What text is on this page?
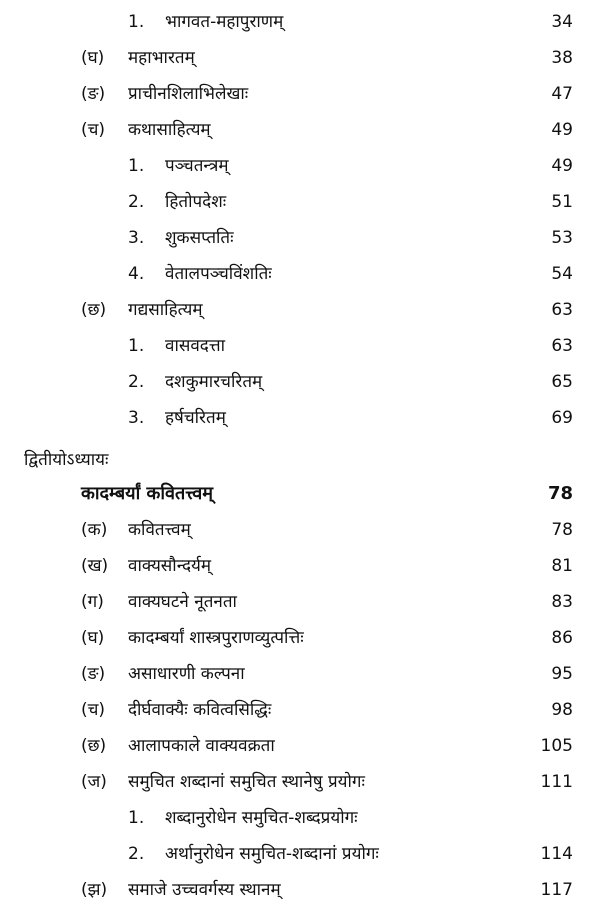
1. भागवत-महापुराणम्	34
(घ) महाभारतम्	38
(ङ) प्राचीनशिलाभिलेखाः	47
(च) कथासाहित्यम्	49
1. पञ्चतन्त्रम्	49
2. हितोपदेशः	51
3. शुकसप्ततिः	53
4. वेतालपञ्चविंशतिः	54
(छ) गद्यसाहित्यम्	63
1. वासवदत्ता	63
2. दशकुमारचरितम्	65
3. हर्षचरितम्	69
द्वितीयोऽध्यायः
कादम्बर्यां कवितत्त्वम्	78
(क) कवितत्त्वम्	78
(ख) वाक्यसौन्दर्यम्	81
(ग) वाक्यघटने नूतनता	83
(घ) कादम्बर्यां शास्त्रपुराणव्युत्पत्तिः	86
(ङ) असाधारणी कल्पना	95
(च) दीर्घवाक्यैः कवित्वसिद्धिः	98
(छ) आलापकाले वाक्यवक्रता	105
(ज) समुचित शब्दानां समुचित स्थानेषु प्रयोगः	111
1. शब्दानुरोधेन समुचित-शब्दप्रयोगः
2. अर्थानुरोधेन समुचित-शब्दानां प्रयोगः	114
(झ) समाजे उच्चवर्गस्य स्थानम्	117
